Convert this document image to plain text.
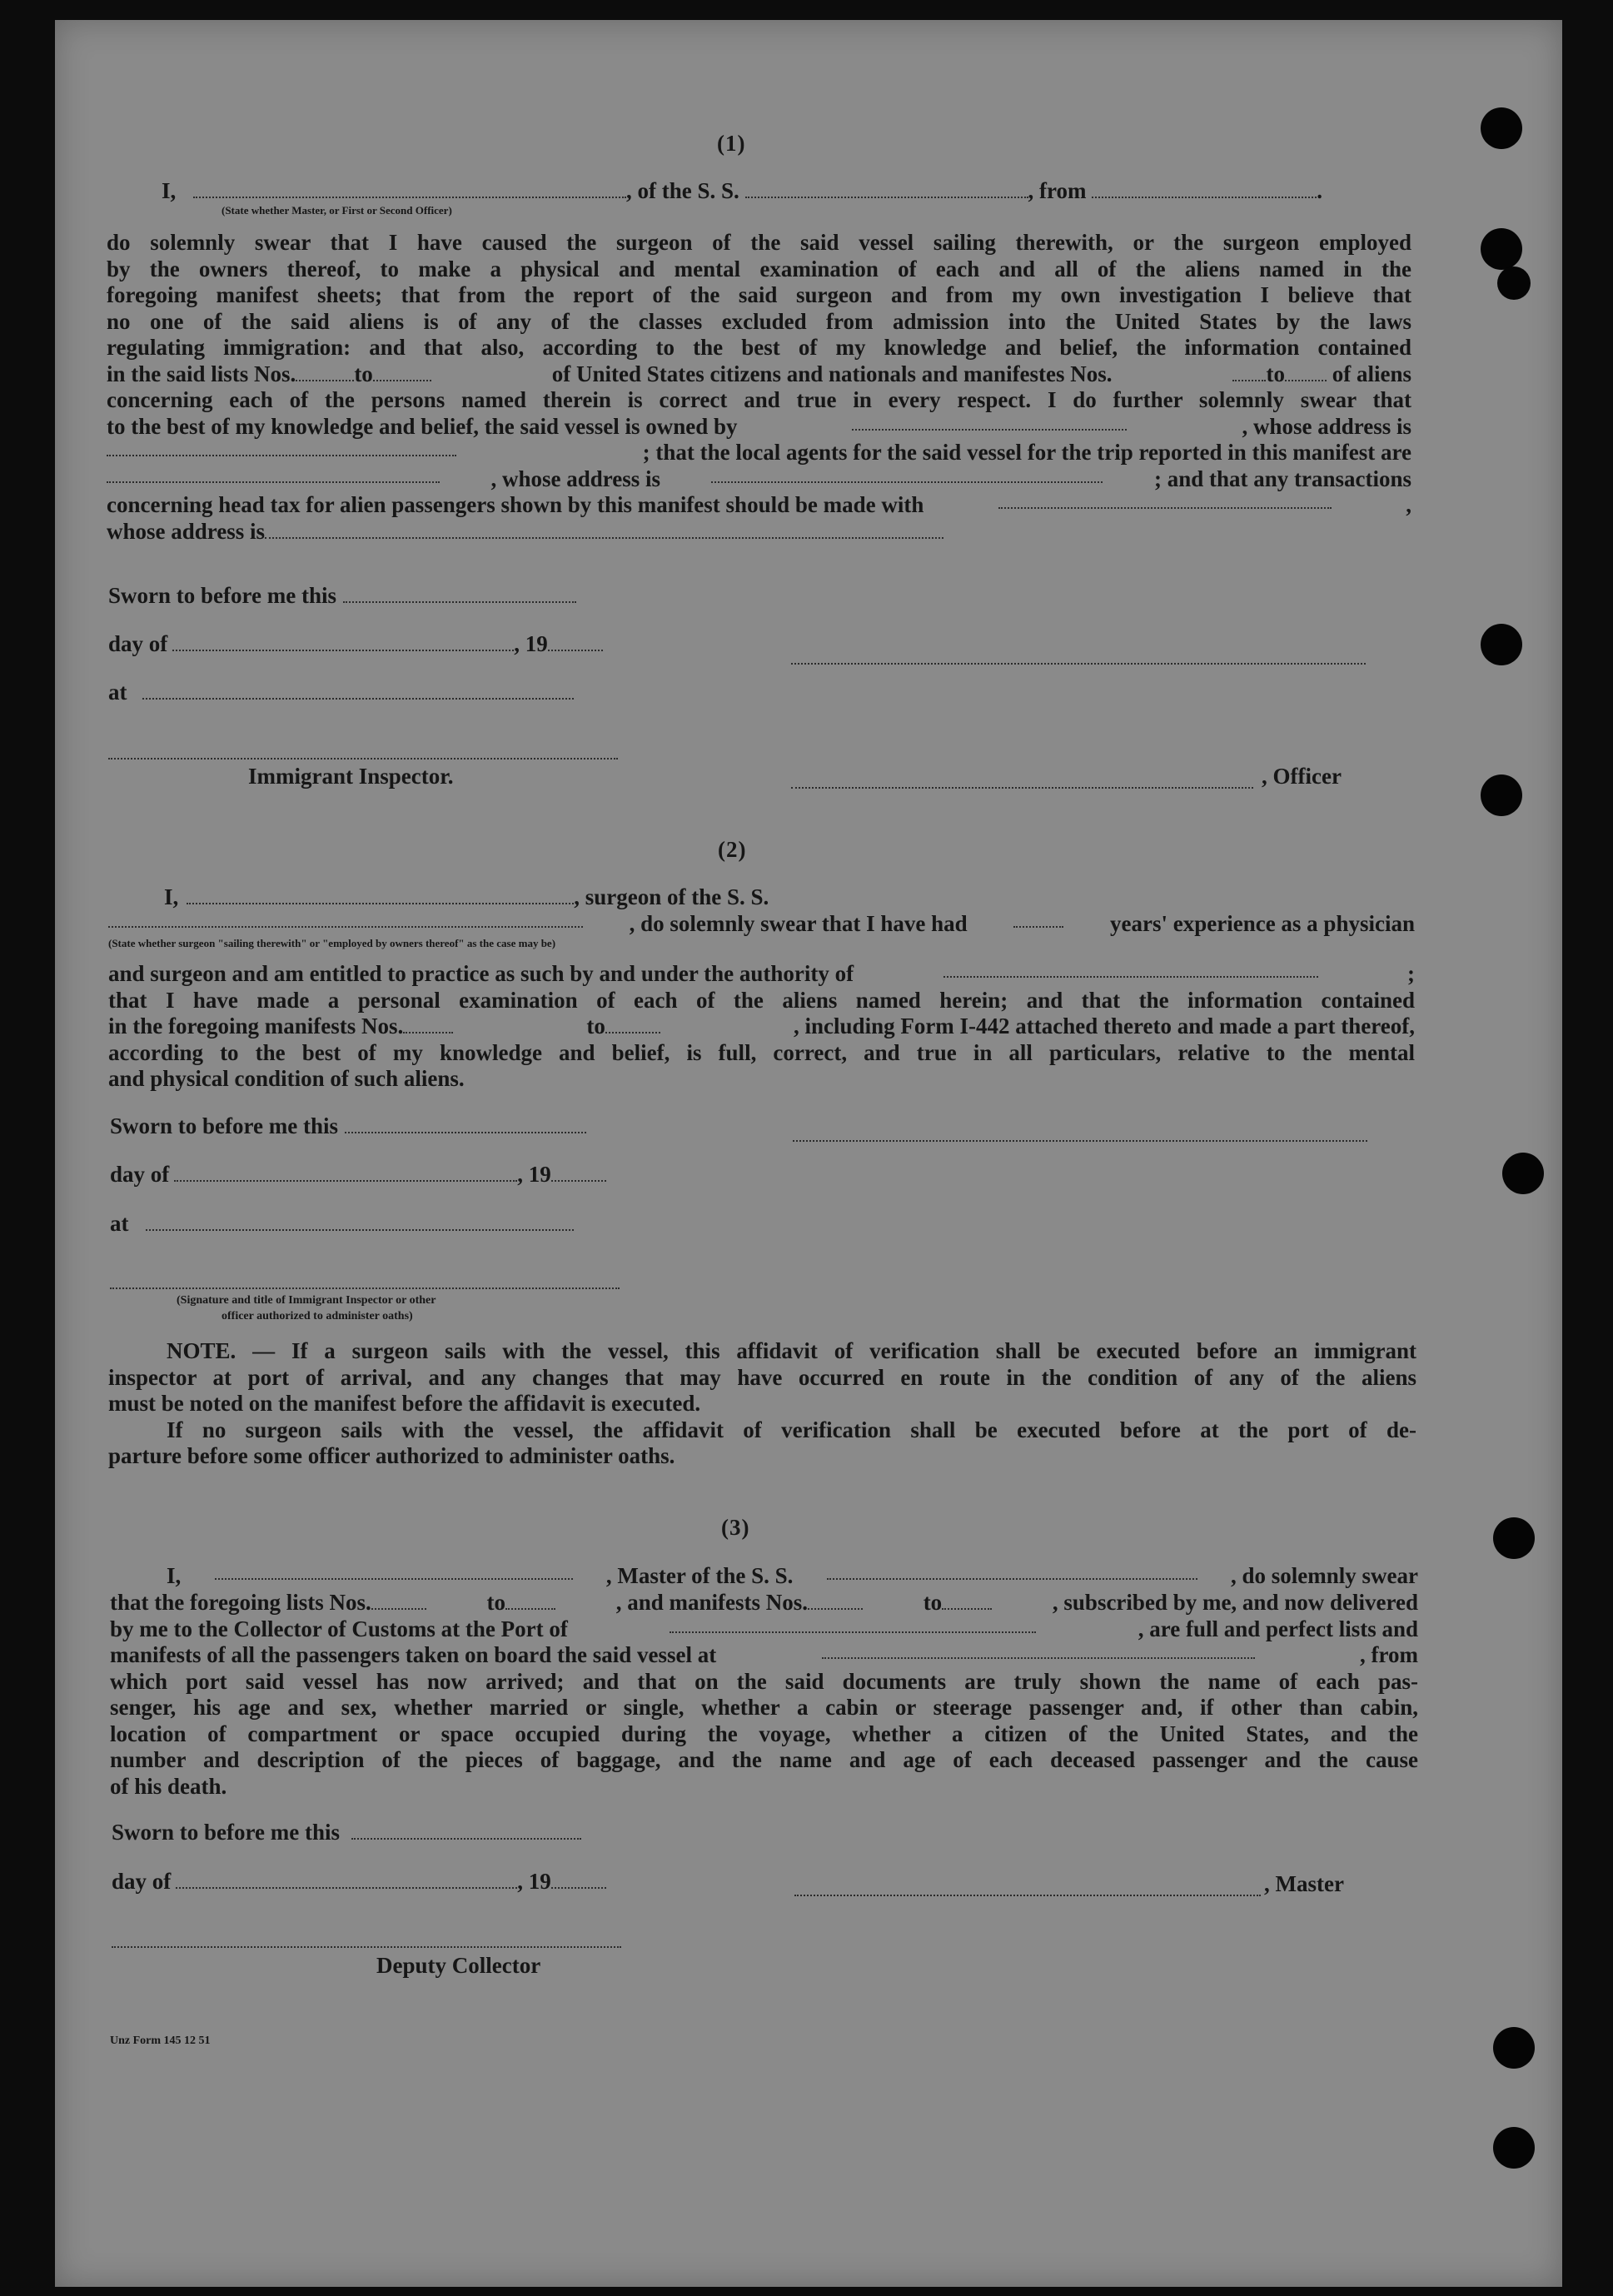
(1)
I,	, of the S. S.	, from	.
(State whether Master, or First or Second Officer)
do solemnly swear that I have caused the surgeon of the said vessel sailing therewith, or the surgeon employed
by the owners thereof, to make a physical and mental examination of each and all of the aliens named in the
foregoing manifest sheets; that from the report of the said surgeon and from my own investigation I believe that
no one of the said aliens is of any of the classes excluded from admission into the United States by the laws
regulating immigration: and that also, according to the best of my knowledge and belief, the information contained
in the said lists Nos.	to	of United States citizens and nationals and manifestes Nos.	to of aliens
concerning each of the persons named therein is correct and true in every respect. I do further solemnly swear that
to the best of my knowledge and belief, the said vessel is owned by	, whose address is
; that the local agents for the said vessel for the trip reported in this manifest are
, whose address is	; and that any transactions
concerning head tax for alien passengers shown by this manifest should be made with	,
whose address is
Sworn to before me this
day of	, 19
at
Immigrant Inspector.	, Officer
(2)
I,	, surgeon of the S. S.
, do solemnly swear that I have had	years' experience as a physician
(State whether surgeon "sailing therewith" or "employed by owners thereof" as the case may be)
and surgeon and am entitled to practice as such by and under the authority of	;
that I have made a personal examination of each of the aliens named herein; and that the information contained
in the foregoing manifests Nos.	to	, including Form I-442 attached thereto and made a part thereof,
according to the best of my knowledge and belief, is full, correct, and true in all particulars, relative to the mental
and physical condition of such aliens.
Sworn to before me this
day of	, 19
at
(Signature and title of Immigrant Inspector or other
officer authorized to administer oaths)
NOTE. — If a surgeon sails with the vessel, this affidavit of verification shall be executed before an immigrant
inspector at port of arrival, and any changes that may have occurred en route in the condition of any of the aliens
must be noted on the manifest before the affidavit is executed.
If no surgeon sails with the vessel, the affidavit of verification shall be executed before at the port of de-
parture before some officer authorized to administer oaths.
(3)
I,	, Master of the S. S.	, do solemnly swear
that the foregoing lists Nos.	to	, and manifests Nos.	to	, subscribed by me, and now delivered
by me to the Collector of Customs at the Port of	, are full and perfect lists and
manifests of all the passengers taken on board the said vessel at	, from
which port said vessel has now arrived; and that on the said documents are truly shown the name of each pas-
senger, his age and sex, whether married or single, whether a cabin or steerage passenger and, if other than cabin,
location of compartment or space occupied during the voyage, whether a citizen of the United States, and the
number and description of the pieces of baggage, and the name and age of each deceased passenger and the cause
of his death.
Sworn to before me this
day of	, 19	, Master
Deputy Collector
Unz Form 145 12 51
